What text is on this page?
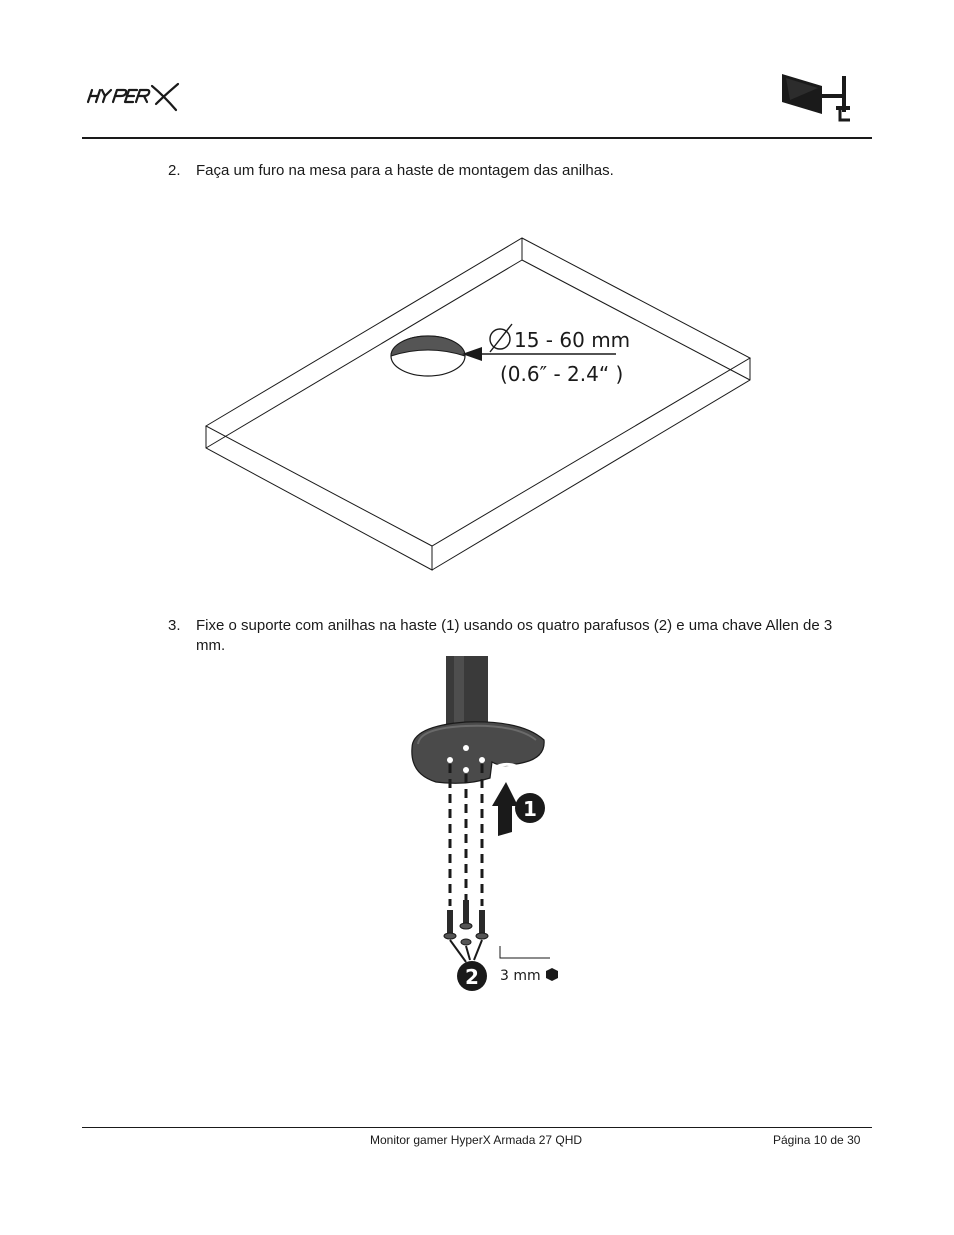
2. Faça um furo na mesa para a haste de montagem das anilhas.
15 - 60 mm
(0.6″ - 2.4“ )
3. Fixe o suporte com anilhas na haste (1) usando os quatro parafusos (2) e uma chave Allen de 3 mm.
1
2 3 mm
Monitor gamer HyperX Armada 27 QHD	Página 10 de 30
